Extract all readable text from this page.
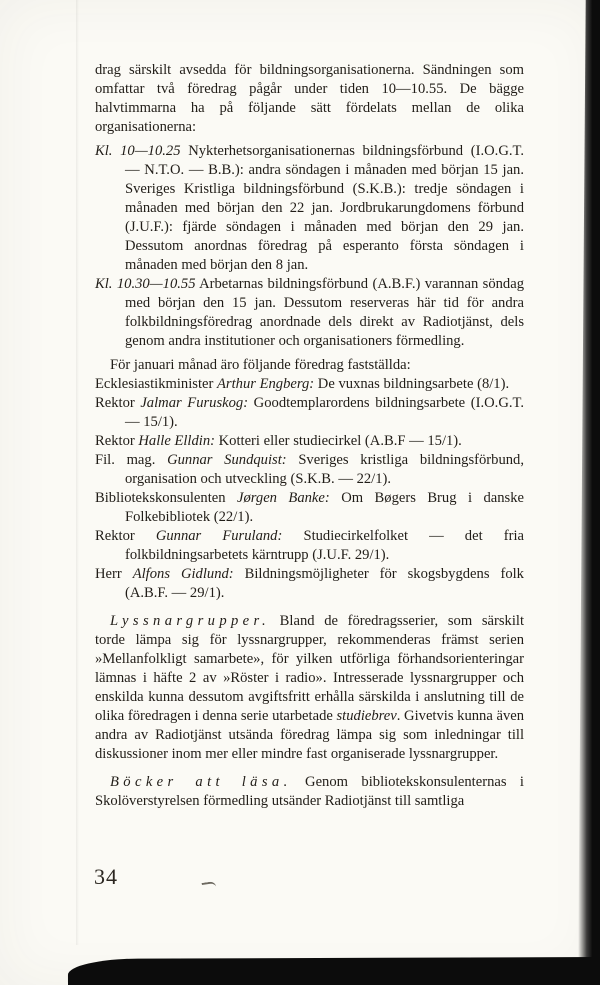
drag särskilt avsedda för bildningsorganisationerna. Sändningen som omfattar två föredrag pågår under tiden 10—10.55. De bägge halvtimmarna ha på följande sätt fördelats mellan de olika organisationerna:

Kl. 10—10.25 Nykterhetsorganisationernas bildningsförbund (I.O.G.T. — N.T.O. — B.B.): andra söndagen i månaden med början 15 jan. Sveriges Kristliga bildningsförbund (S.K.B.): tredje söndagen i månaden med början den 22 jan. Jordbrukarungdomens förbund (J.U.F.): fjärde söndagen i månaden med början den 29 jan. Dessutom anordnas föredrag på esperanto första söndagen i månaden med början den 8 jan.

Kl. 10.30—10.55 Arbetarnas bildningsförbund (A.B.F.) varannan söndag med början den 15 jan. Dessutom reserveras här tid för andra folkbildningsföredrag anordnade dels direkt av Radiotjänst, dels genom andra institutioner och organisationers förmedling.

För januari månad äro följande föredrag fastställda:

Ecklesiastikminister Arthur Engberg: De vuxnas bildningsarbete (8/1).

Rektor Jalmar Furuskog: Goodtemplarordens bildningsarbete (I.O.G.T. — 15/1).

Rektor Halle Elldin: Kotteri eller studiecirkel (A.B.F — 15/1).

Fil. mag. Gunnar Sundquist: Sveriges kristliga bildningsförbund, organisation och utveckling (S.K.B. — 22/1).

Bibliotekskonsulenten Jørgen Banke: Om Bøgers Brug i danske Folkebibliotek (22/1).

Rektor Gunnar Furuland: Studiecirkelfolket — det fria folkbildningsarbetets kärntrupp (J.U.F. 29/1).

Herr Alfons Gidlund: Bildningsmöjligheter för skogsbygdens folk (A.B.F. — 29/1).

Lyssnargrupper. Bland de föredragsserier, som särskilt torde lämpa sig för lyssnargrupper, rekommenderas främst serien »Mellanfolkligt samarbete», för yilken utförliga förhandsorienteringar lämnas i häfte 2 av »Röster i radio». Intresserade lyssnargrupper och enskilda kunna dessutom avgiftsfritt erhålla särskilda i anslutning till de olika föredragen i denna serie utarbetade studiebrev. Givetvis kunna även andra av Radiotjänst utsända föredrag lämpa sig som inledningar till diskussioner inom mer eller mindre fast organiserade lyssnargrupper.

Böcker att läsa. Genom bibliotekskonsulenternas i Skolöverstyrelsen förmedling utsänder Radiotjänst till samtliga

34
